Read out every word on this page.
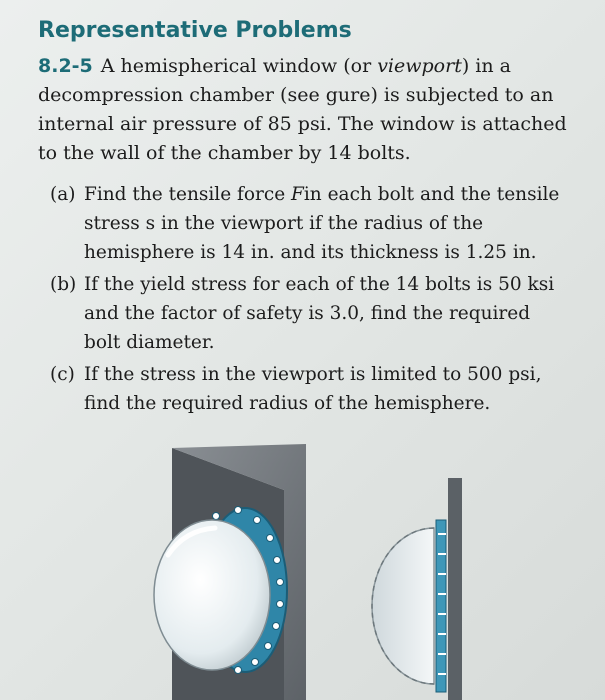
Representative Problems
8.2-5 A hemispherical window (or viewport) in a decompression chamber (see gure) is subjected to an internal air pressure of 85 psi. The window is attached to the wall of the chamber by 14 bolts.
(a) Find the tensile force Fin each bolt and the tensile stress s in the viewport if the radius of the hemisphere is 14 in. and its thickness is 1.25 in.
(b) If the yield stress for each of the 14 bolts is 50 ksi and the factor of safety is 3.0, find the required bolt diameter.
(c) If the stress in the viewport is limited to 500 psi, find the required radius of the hemisphere.
